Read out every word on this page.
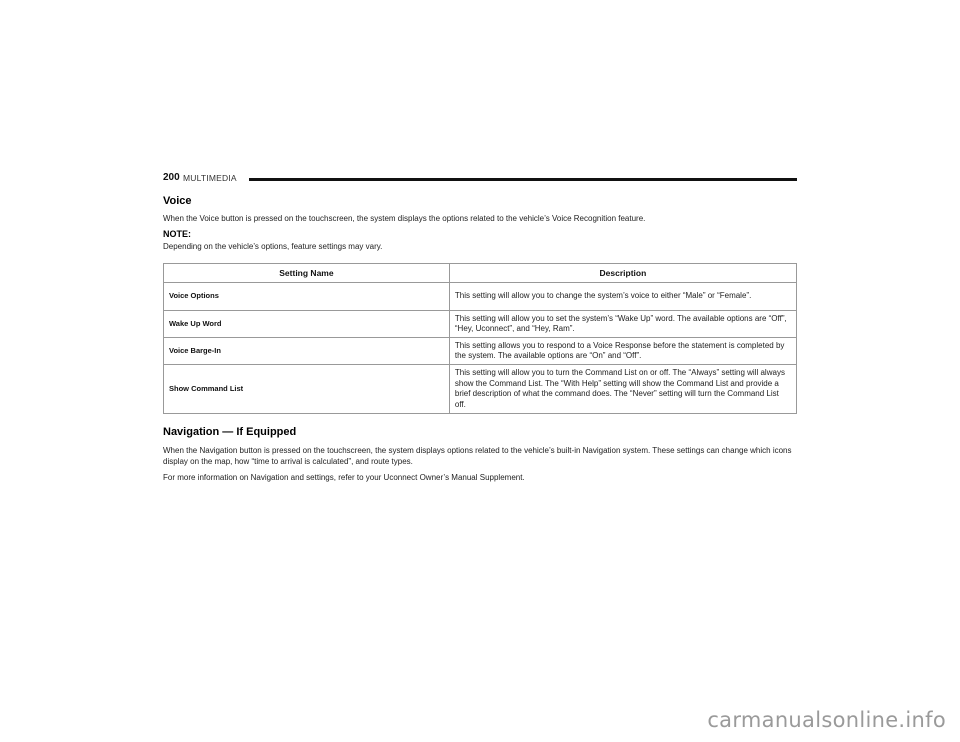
200 MULTIMEDIA
Voice
When the Voice button is pressed on the touchscreen, the system displays the options related to the vehicle’s Voice Recognition feature.
NOTE:
Depending on the vehicle’s options, feature settings may vary.
Setting Name	Description
Voice Options	This setting will allow you to change the system’s voice to either “Male” or “Female”.
Wake Up Word	This setting will allow you to set the system’s “Wake Up” word. The available options are “Off”, “Hey, Uconnect”, and “Hey, Ram”.
Voice Barge-In	This setting allows you to respond to a Voice Response before the statement is completed by the system. The available options are “On” and “Off”.
Show Command List	This setting will allow you to turn the Command List on or off. The “Always” setting will always show the Command List. The “With Help” setting will show the Command List and provide a brief description of what the command does. The “Never” setting will turn the Command List off.
Navigation — If Equipped
When the Navigation button is pressed on the touchscreen, the system displays options related to the vehicle’s built-in Navigation system. These settings can change which icons display on the map, how “time to arrival is calculated”, and route types.
For more information on Navigation and settings, refer to your Uconnect Owner’s Manual Supplement.
carmanualsonline.info
